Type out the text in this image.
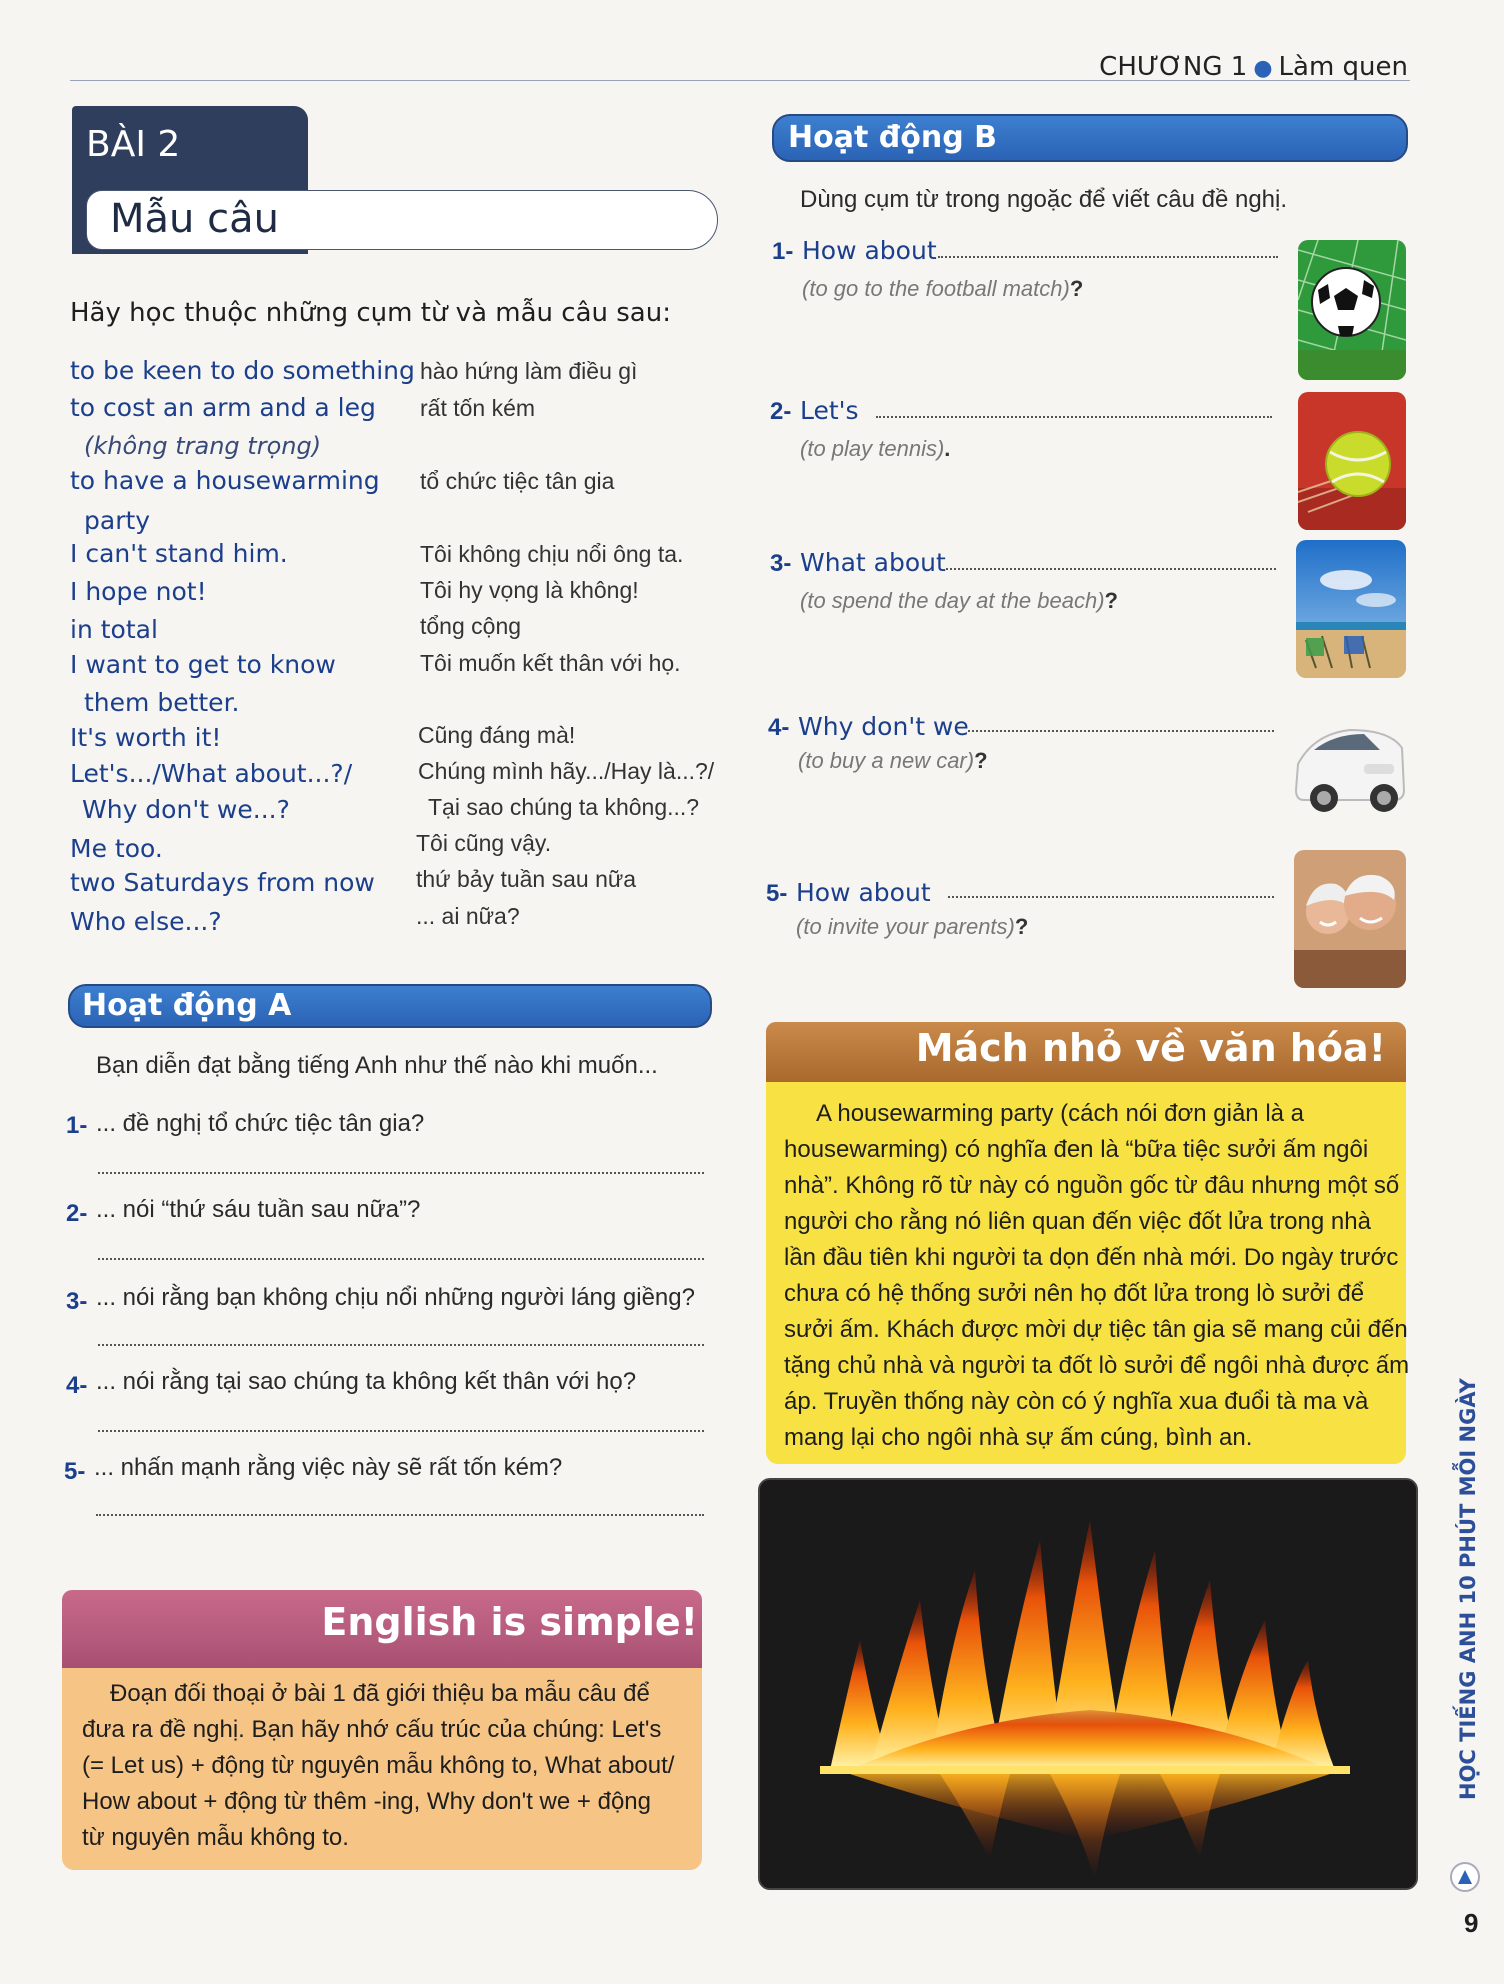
CHƯƠNG 1 ● Làm quen
BÀI 2
Mẫu câu
Hãy học thuộc những cụm từ và mẫu câu sau:
to be keen to do something
to cost an arm and a leg
(không trang trọng)
to have a housewarming
party
I can't stand him.
I hope not!
in total
I want to get to know
them better.
It's worth it!
Let's.../What about...?/
Why don't we...?
Me too.
two Saturdays from now
Who else...?
hào hứng làm điều gì
rất tốn kém
tổ chức tiệc tân gia
Tôi không chịu nổi ông ta.
Tôi hy vọng là không!
tổng cộng
Tôi muốn kết thân với họ.
Cũng đáng mà!
Chúng mình hãy.../Hay là...?/
Tại sao chúng ta không...?
Tôi cũng vậy.
thứ bảy tuần sau nữa
... ai nữa?
Hoạt động A
Bạn diễn đạt bằng tiếng Anh như thế nào khi muốn...
1- ... đề nghị tổ chức tiệc tân gia?
2- ... nói “thứ sáu tuần sau nữa”?
3- ... nói rằng bạn không chịu nổi những người láng giềng?
4- ... nói rằng tại sao chúng ta không kết thân với họ?
5- ... nhấn mạnh rằng việc này sẽ rất tốn kém?
English is simple!
Đoạn đối thoại ở bài 1 đã giới thiệu ba mẫu câu để
đưa ra đề nghị. Bạn hãy nhớ cấu trúc của chúng: Let's
(= Let us) + động từ nguyên mẫu không to, What about/
How about + động từ thêm -ing, Why don't we + động
từ nguyên mẫu không to.
Hoạt động B
Dùng cụm từ trong ngoặc để viết câu đề nghị.
1- How about
(to go to the football match)?
2- Let's
(to play tennis).
3- What about
(to spend the day at the beach)?
4- Why don't we
(to buy a new car)?
5- How about
(to invite your parents)?
Mách nhỏ về văn hóa!
A housewarming party (cách nói đơn giản là a
housewarming) có nghĩa đen là “bữa tiệc sưởi ấm ngôi
nhà”. Không rõ từ này có nguồn gốc từ đâu nhưng một số
người cho rằng nó liên quan đến việc đốt lửa trong nhà
lần đầu tiên khi người ta dọn đến nhà mới. Do ngày trước
chưa có hệ thống sưởi nên họ đốt lửa trong lò sưởi để
sưởi ấm. Khách được mời dự tiệc tân gia sẽ mang củi đến
tặng chủ nhà và người ta đốt lò sưởi để ngôi nhà được ấm
áp. Truyền thống này còn có ý nghĩa xua đuổi tà ma và
mang lại cho ngôi nhà sự ấm cúng, bình an.	HỌC TIẾNG ANH 10 PHÚT MỖI NGÀY
9
